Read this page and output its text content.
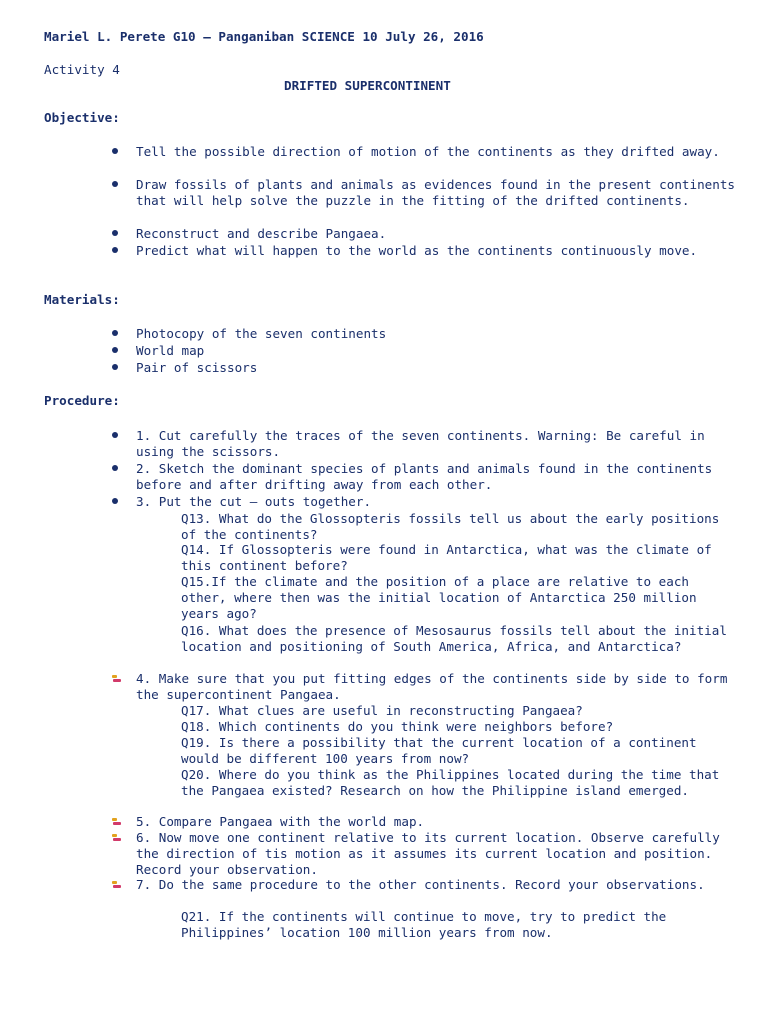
Mariel L. Perete G10 – Panganiban SCIENCE 10 July 26, 2016
Activity 4
DRIFTED SUPERCONTINENT
Objective:
Tell the possible direction of motion of the continents as they drifted away.
Draw fossils of plants and animals as evidences found in the present continents that will help solve the puzzle in the fitting of the drifted continents.
Reconstruct and describe Pangaea.
Predict what will happen to the world as the continents continuously move.
Materials:
Photocopy of the seven continents
World map
Pair of scissors
Procedure:
1. Cut carefully the traces of the seven continents. Warning: Be careful in using the scissors.
2. Sketch the dominant species of plants and animals found in the continents before and after drifting away from each other.
3. Put the cut – outs together.
Q13. What do the Glossopteris fossils tell us about the early positions of the continents?
Q14. If Glossopteris were found in Antarctica, what was the climate of this continent before?
Q15.If the climate and the position of a place are relative to each other, where then was the initial location of Antarctica 250 million years ago?
Q16. What does the presence of Mesosaurus fossils tell about the initial location and positioning of South America, Africa, and Antarctica?
4. Make sure that you put fitting edges of the continents side by side to form the supercontinent Pangaea.
Q17. What clues are useful in reconstructing Pangaea?
Q18. Which continents do you think were neighbors before?
Q19. Is there a possibility that the current location of a continent would be different 100 years from now?
Q20. Where do you think as the Philippines located during the time that the Pangaea existed? Research on how the Philippine island emerged.
5. Compare Pangaea with the world map.
6. Now move one continent relative to its current location. Observe carefully the direction of tis motion as it assumes its current location and position. Record your observation.
7. Do the same procedure to the other continents. Record your observations.
Q21. If the continents will continue to move, try to predict the Philippines’ location 100 million years from now.
